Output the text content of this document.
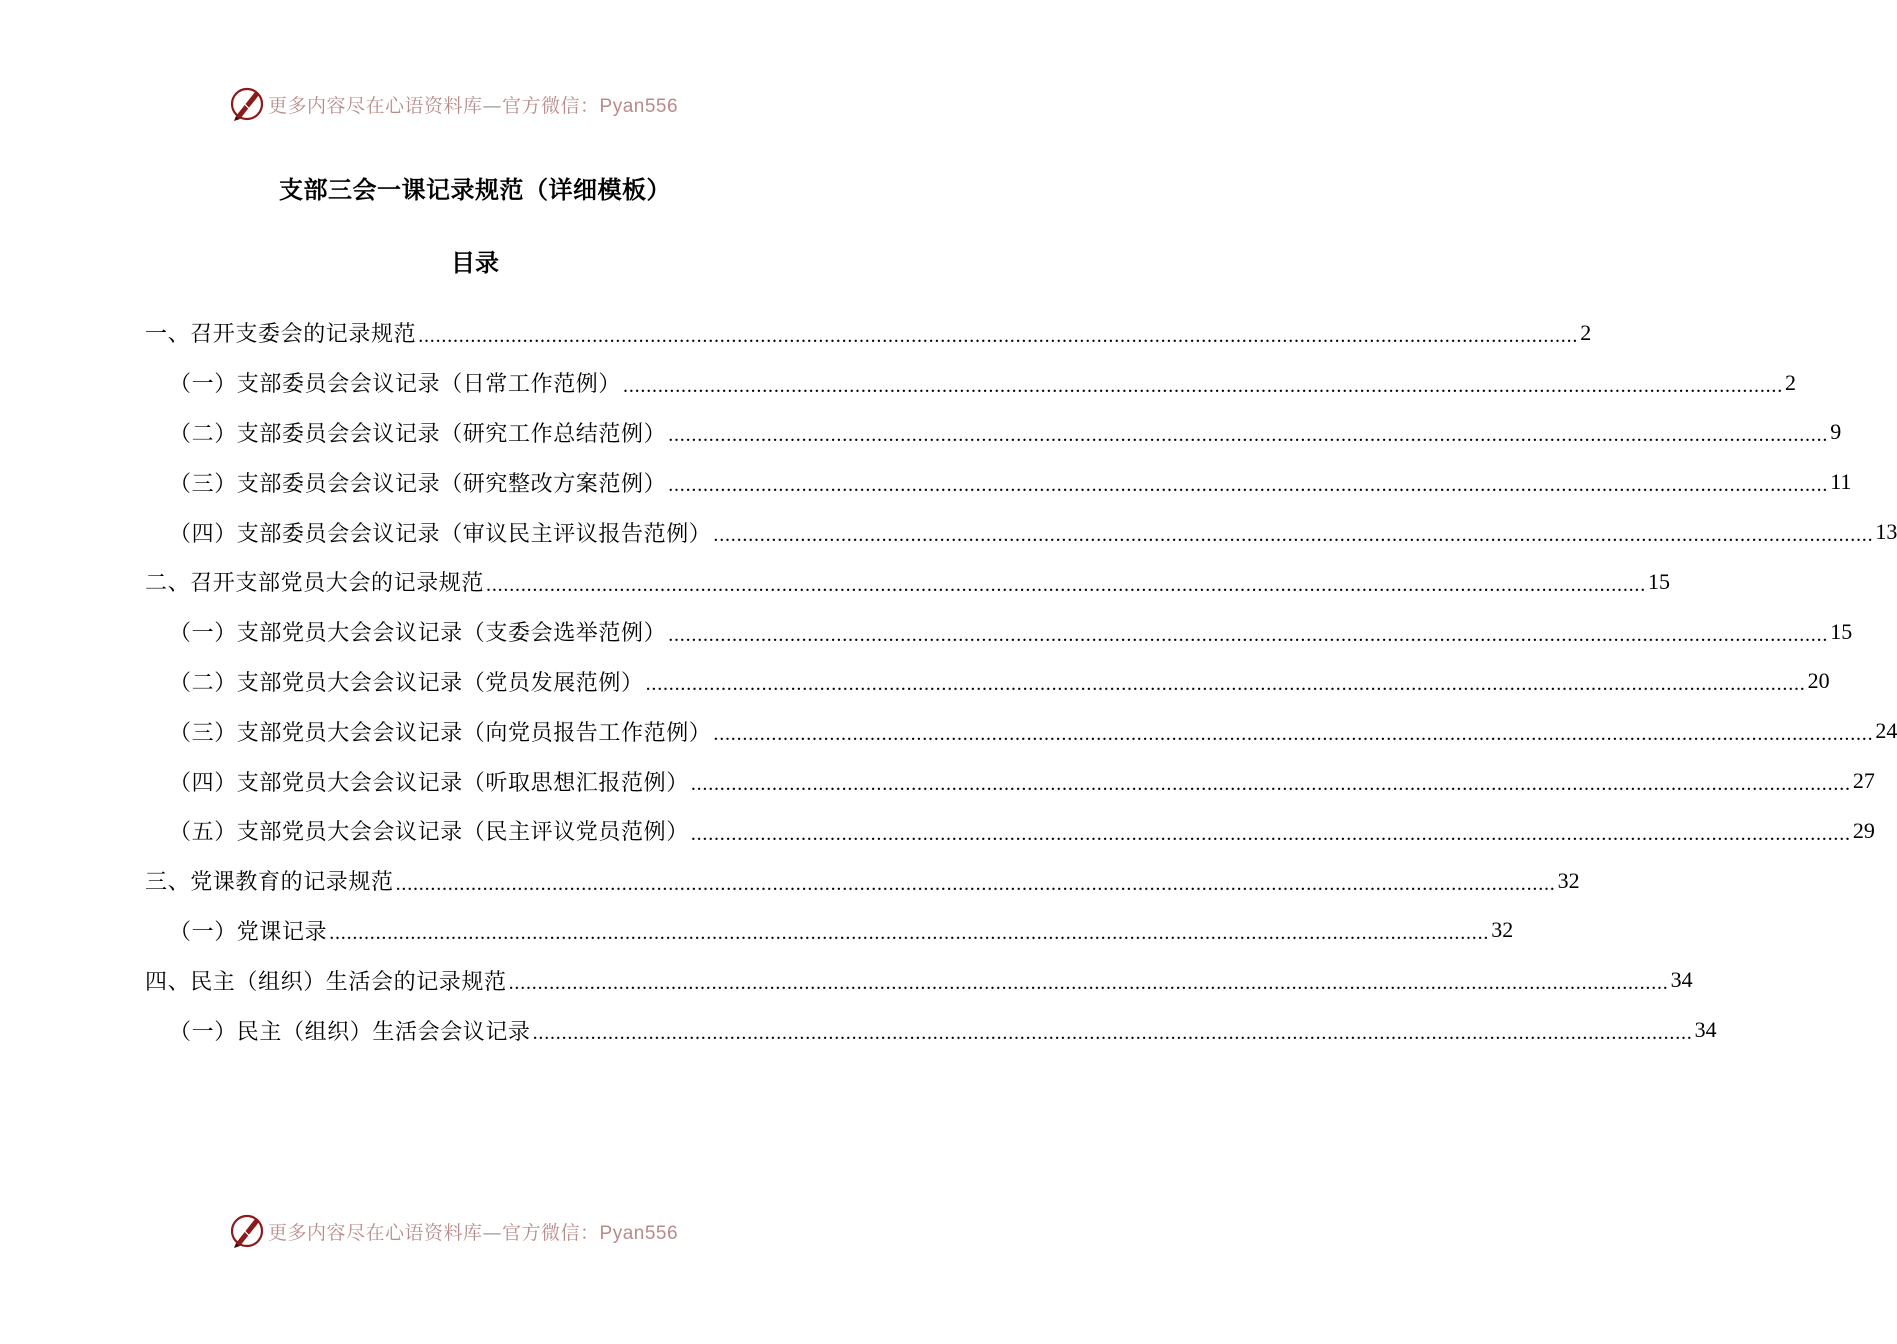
更多内容尽在心语资料库—官方微信：Pyan556
支部三会一课记录规范（详细模板）
目录
一、召开支委会的记录规范 ........................................................................................................................................................................................................ 2
（一）支部委员会会议记录（日常工作范例） ........................................................................................................................................................................................................ 2
（二）支部委员会会议记录（研究工作总结范例） ........................................................................................................................................................................................................ 9
（三）支部委员会会议记录（研究整改方案范例） ........................................................................................................................................................................................................ 11
（四）支部委员会会议记录（审议民主评议报告范例） ........................................................................................................................................................................................................ 13
二、召开支部党员大会的记录规范 ........................................................................................................................................................................................................ 15
（一）支部党员大会会议记录（支委会选举范例） ........................................................................................................................................................................................................ 15
（二）支部党员大会会议记录（党员发展范例） ........................................................................................................................................................................................................ 20
（三）支部党员大会会议记录（向党员报告工作范例） ........................................................................................................................................................................................................ 24
（四）支部党员大会会议记录（听取思想汇报范例） ........................................................................................................................................................................................................ 27
（五）支部党员大会会议记录（民主评议党员范例） ........................................................................................................................................................................................................ 29
三、党课教育的记录规范 ........................................................................................................................................................................................................ 32
（一）党课记录 ........................................................................................................................................................................................................ 32
四、民主（组织）生活会的记录规范 ........................................................................................................................................................................................................ 34
（一）民主（组织）生活会会议记录 ........................................................................................................................................................................................................ 34
更多内容尽在心语资料库—官方微信：Pyan556
